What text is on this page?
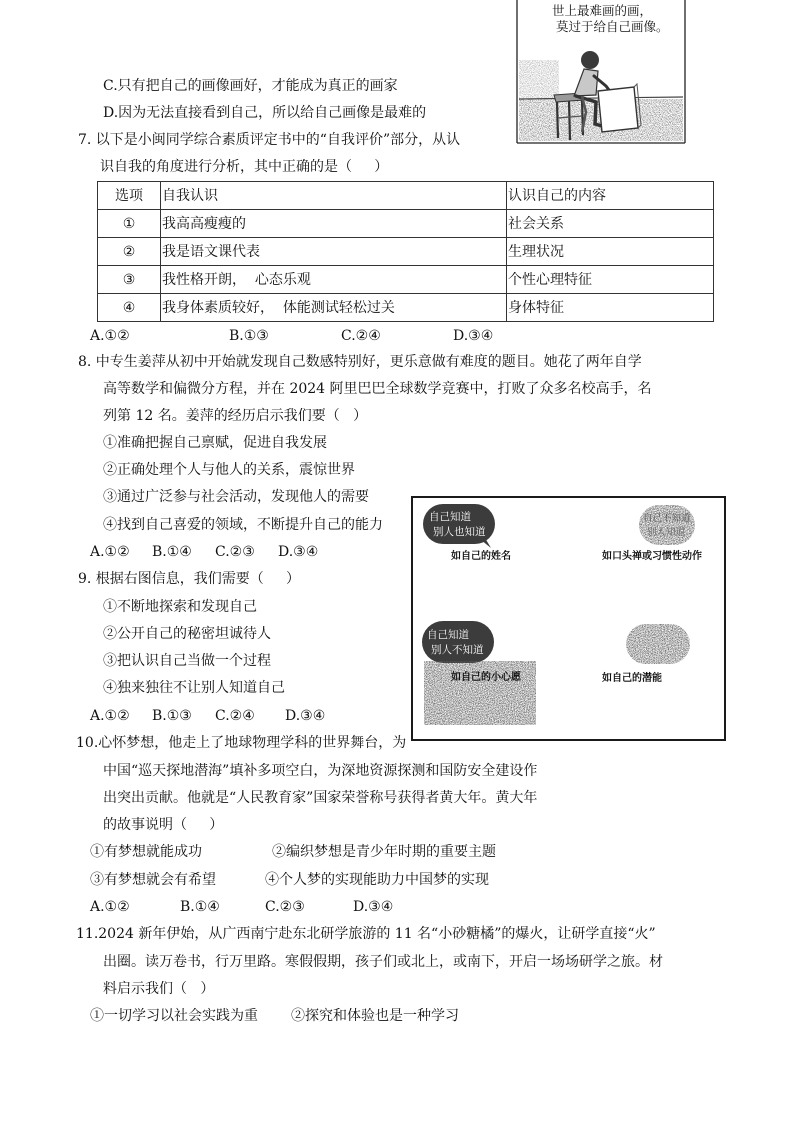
世上最难画的画，
莫过于给自己画像。
C.只有把自己的画像画好，才能成为真正的画家
D.因为无法直接看到自己，所以给自己画像是最难的
7. 以下是小闽同学综合素质评定书中的“自我评价”部分，从认
识自我的角度进行分析，其中正确的是（     ）
选项	自我认识	认识自己的内容
①	我高高瘦瘦的	社会关系
②	我是语文课代表	生理状况
③	我性格开朗，  心态乐观	个性心理特征
④	我身体素质较好，  体能测试轻松过关	身体特征
A.①②	B.①③	C.②④	D.③④
8. 中专生姜萍从初中开始就发现自己数感特别好，更乐意做有难度的题目。她花了两年自学
高等数学和偏微分方程，并在 2024 阿里巴巴全球数学竞赛中，打败了众多名校高手，名
列第 12 名。姜萍的经历启示我们要（   ）
①准确把握自己禀赋，促进自我发展
②正确处理个人与他人的关系，震惊世界
③通过广泛参与社会活动，发现他人的需要
④找到自己喜爱的领域，不断提升自己的能力
A.①② B.①④ C.②③ D.③④
自己知道
别人也知道
如自己的姓名
自己不知道
别人知道
如口头禅或习惯性动作
自己知道
别人不知道
如自己的小心愿	如自己的潜能
9. 根据右图信息，我们需要（     ）
①不断地探索和发现自己
②公开自己的秘密坦诚待人
③把认识自己当做一个过程
④独来独往不让别人知道自己
A.①② B.①③ C.②④ D.③④
10.心怀梦想，他走上了地球物理学科的世界舞台，为
中国“巡天探地潜海”填补多项空白，为深地资源探测和国防安全建设作
出突出贡献。他就是“人民教育家”国家荣誉称号获得者黄大年。黄大年
的故事说明（     ）
①有梦想就能成功	②编织梦想是青少年时期的重要主题
③有梦想就会有希望	④个人梦的实现能助力中国梦的实现
A.①②	B.①④	C.②③	D.③④
11.2024 新年伊始，从广西南宁赴东北研学旅游的 11 名“小砂糖橘”的爆火，让研学直接“火”
出圈。读万卷书，行万里路。寒假假期，孩子们或北上，或南下，开启一场场研学之旅。材
料启示我们（   ）
①一切学习以社会实践为重 ②探究和体验也是一种学习
